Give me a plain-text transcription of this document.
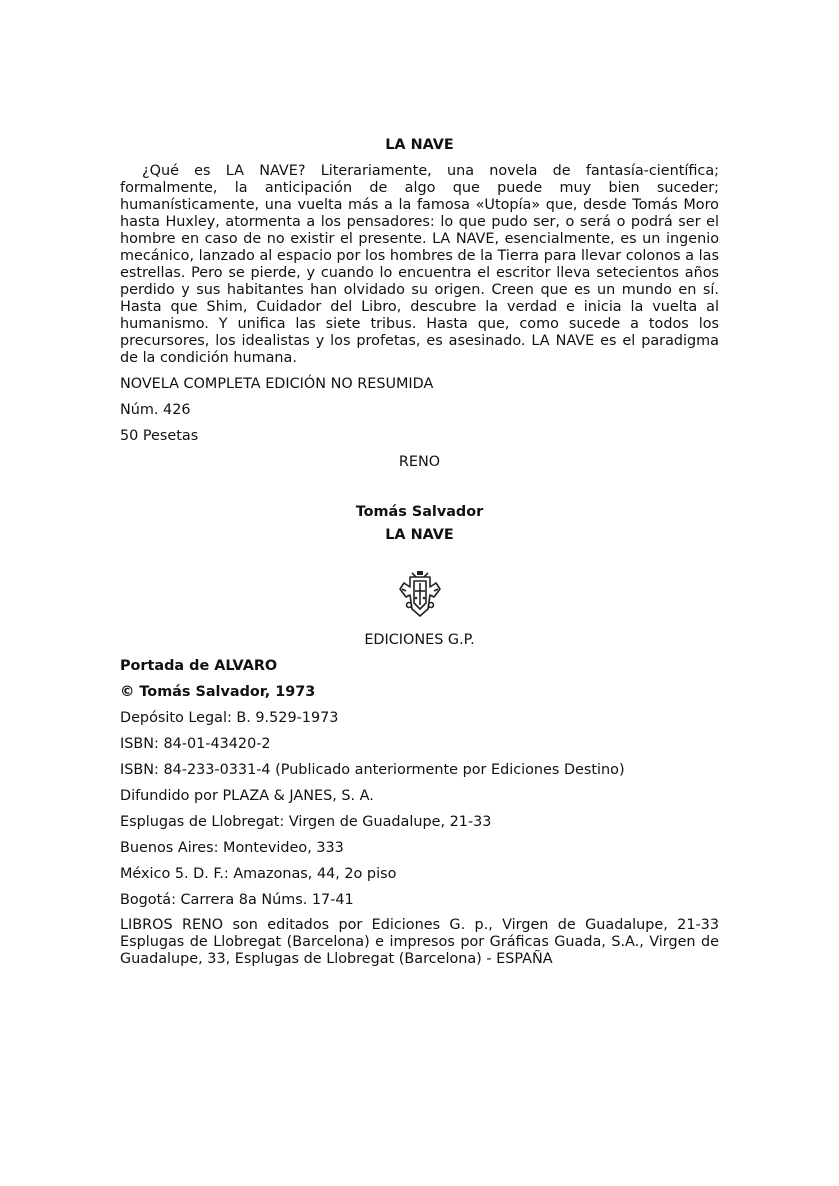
LA NAVE

¿Qué es LA NAVE? Literariamente, una novela de fantasía-científica; formalmente, la anticipación de algo que puede muy bien suceder; humanísticamente, una vuelta más a la famosa «Utopía» que, desde Tomás Moro hasta Huxley, atormenta a los pensadores: lo que pudo ser, o será o podrá ser el hombre en caso de no existir el presente. LA NAVE, esencialmente, es un ingenio mecánico, lanzado al espacio por los hombres de la Tierra para llevar colonos a las estrellas. Pero se pierde, y cuando lo encuentra el escritor lleva setecientos años perdido y sus habitantes han olvidado su origen. Creen que es un mundo en sí. Hasta que Shim, Cuidador del Libro, descubre la verdad e inicia la vuelta al humanismo. Y unifica las siete tribus. Hasta que, como sucede a todos los precursores, los idealistas y los profetas, es asesinado. LA NAVE es el paradigma de la condición humana.

NOVELA COMPLETA EDICIÓN NO RESUMIDA
Núm. 426
50 Pesetas
RENO
Tomás Salvador
LA NAVE
EDICIONES G.P.
Portada de ALVARO
© Tomás Salvador, 1973
Depósito Legal: B. 9.529-1973
ISBN: 84-01-43420-2
ISBN: 84-233-0331-4 (Publicado anteriormente por Ediciones Destino)
Difundido por PLAZA & JANES, S. A.
Esplugas de Llobregat: Virgen de Guadalupe, 21-33
Buenos Aires: Montevideo, 333
México 5. D. F.: Amazonas, 44, 2o piso
Bogotá: Carrera 8a Núms. 17-41

LIBROS RENO son editados por Ediciones G. p., Virgen de Guadalupe, 21-33 Esplugas de Llobregat (Barcelona) e impresos por Gráficas Guada, S.A., Virgen de Guadalupe, 33, Esplugas de Llobregat (Barcelona) - ESPAÑA
